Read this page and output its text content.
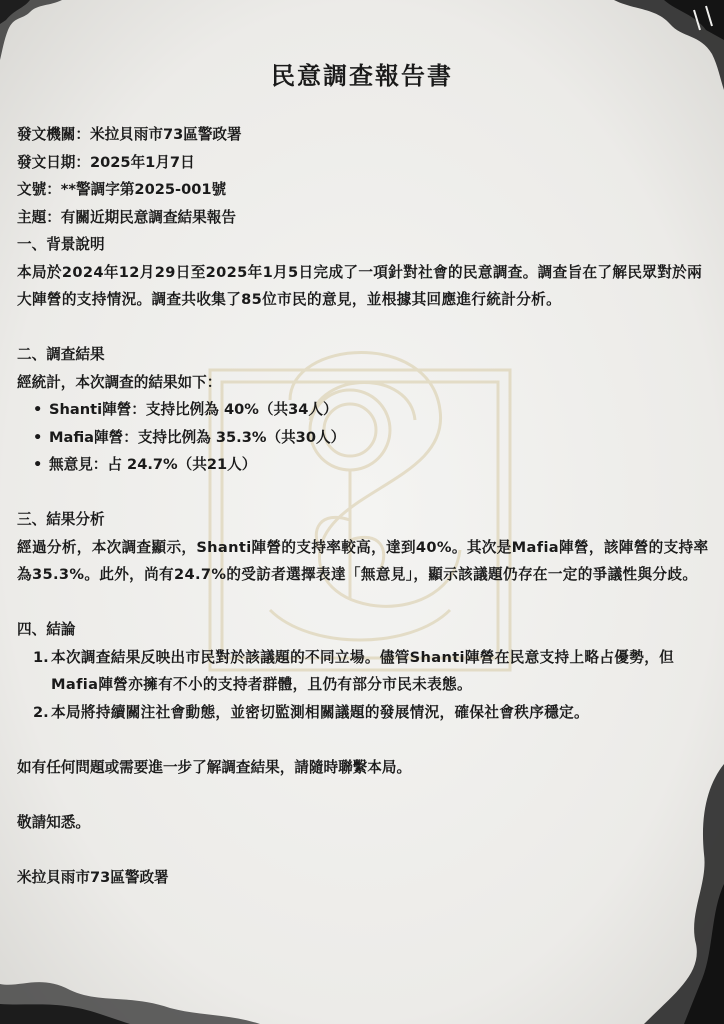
民意調查報告書
發文機關：米拉貝雨市73區警政署
發文日期：2025年1月7日
文號：**警調字第2025-001號
主題：有關近期民意調查結果報告
一、背景說明
本局於2024年12月29日至2025年1月5日完成了一項針對社會的民意調查。調查旨在了解民眾對於兩大陣營的支持情況。調查共收集了85位市民的意見，並根據其回應進行統計分析。
二、調查結果
經統計，本次調查的結果如下：
• Shanti陣營：支持比例為 40%（共34人）
• Mafia陣營：支持比例為 35.3%（共30人）
• 無意見：占 24.7%（共21人）
三、結果分析
經過分析，本次調查顯示，Shanti陣營的支持率較高，達到40%。其次是Mafia陣營，該陣營的支持率為35.3%。此外，尚有24.7%的受訪者選擇表達「無意見」，顯示該議題仍存在一定的爭議性與分歧。
四、結論
1. 本次調查結果反映出市民對於該議題的不同立場。儘管Shanti陣營在民意支持上略占優勢，但Mafia陣營亦擁有不小的支持者群體，且仍有部分市民未表態。
2. 本局將持續關注社會動態，並密切監測相關議題的發展情況，確保社會秩序穩定。
如有任何問題或需要進一步了解調查結果，請隨時聯繫本局。
敬請知悉。
米拉貝雨市73區警政署
